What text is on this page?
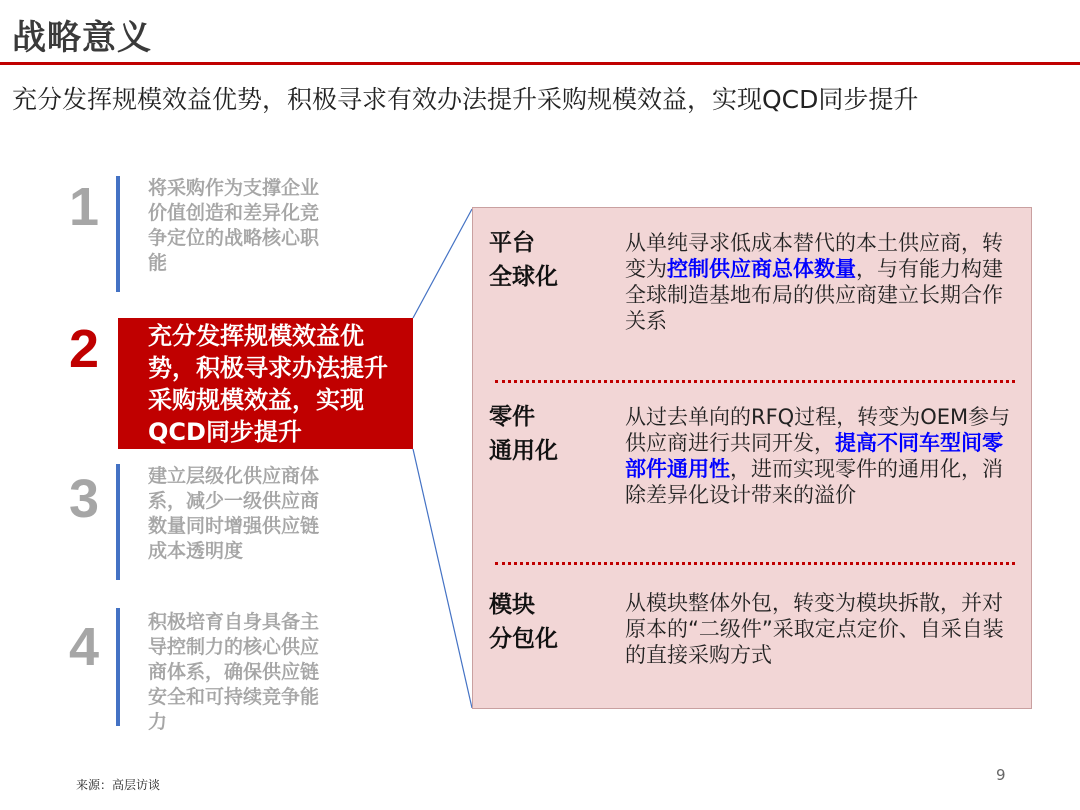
战略意义
充分发挥规模效益优势，积极寻求有效办法提升采购规模效益，实现QCD同步提升
1	将采购作为支撑企业价值创造和差异化竞争定位的战略核心职能
2 充分发挥规模效益优势，积极寻求办法提升采购规模效益，实现QCD同步提升
3	建立层级化供应商体系，减少一级供应商数量同时增强供应链成本透明度
4	积极培育自身具备主导控制力的核心供应商体系，确保供应链安全和可持续竞争能力
平台
全球化
从单纯寻求低成本替代的本土供应商，转变为控制供应商总体数量，与有能力构建全球制造基地布局的供应商建立长期合作关系
零件
通用化
从过去单向的RFQ过程，转变为OEM参与供应商进行共同开发，提高不同车型间零部件通用性，进而实现零件的通用化，消除差异化设计带来的溢价
模块
分包化
从模块整体外包，转变为模块拆散，并对原本的“二级件”采取定点定价、自采自装的直接采购方式
来源：高层访谈
9
